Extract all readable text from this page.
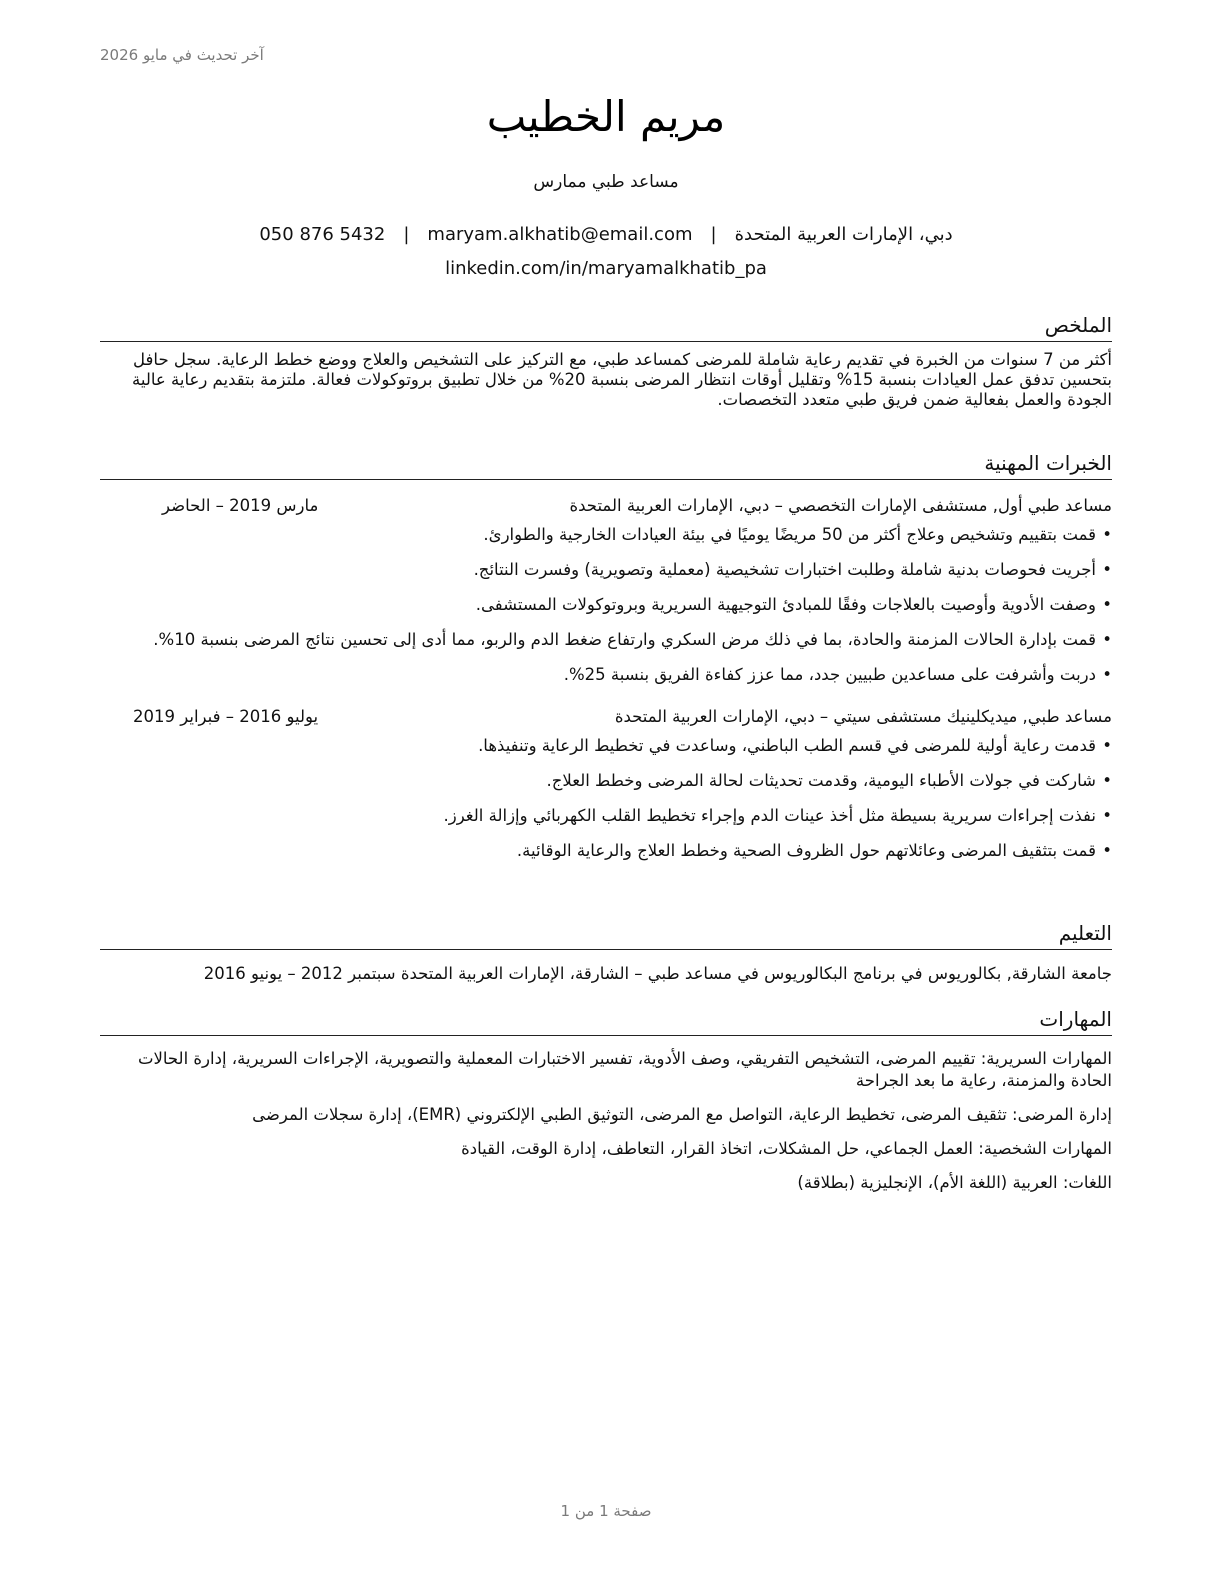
آخر تحديث في مايو 2026
مريم الخطيب
مساعد طبي ممارس
دبي، الإمارات العربية المتحدة|maryam.alkhatib@email.com|050 876 5432
linkedin.com/in/maryamalkhatib_pa
الملخص
أكثر من 7 سنوات من الخبرة في تقديم رعاية شاملة للمرضى كمساعد طبي، مع التركيز على التشخيص والعلاج ووضع خطط الرعاية. سجل حافل بتحسين تدفق عمل العيادات بنسبة 15% وتقليل أوقات انتظار المرضى بنسبة 20% من خلال تطبيق بروتوكولات فعالة. ملتزمة بتقديم رعاية عالية الجودة والعمل بفعالية ضمن فريق طبي متعدد التخصصات.
الخبرات المهنية
مساعد طبي أول, مستشفى الإمارات التخصصي – دبي، الإمارات العربية المتحدة
مارس 2019 – الحاضر
• قمت بتقييم وتشخيص وعلاج أكثر من 50 مريضًا يوميًا في بيئة العيادات الخارجية والطوارئ.
• أجريت فحوصات بدنية شاملة وطلبت اختبارات تشخيصية (معملية وتصويرية) وفسرت النتائج.
• وصفت الأدوية وأوصيت بالعلاجات وفقًا للمبادئ التوجيهية السريرية وبروتوكولات المستشفى.
• قمت بإدارة الحالات المزمنة والحادة، بما في ذلك مرض السكري وارتفاع ضغط الدم والربو، مما أدى إلى تحسين نتائج المرضى بنسبة 10%.
• دربت وأشرفت على مساعدين طبيين جدد، مما عزز كفاءة الفريق بنسبة 25%.
مساعد طبي, ميديكلينيك مستشفى سيتي – دبي، الإمارات العربية المتحدة
يوليو 2016 – فبراير 2019
• قدمت رعاية أولية للمرضى في قسم الطب الباطني، وساعدت في تخطيط الرعاية وتنفيذها.
• شاركت في جولات الأطباء اليومية، وقدمت تحديثات لحالة المرضى وخطط العلاج.
• نفذت إجراءات سريرية بسيطة مثل أخذ عينات الدم وإجراء تخطيط القلب الكهربائي وإزالة الغرز.
• قمت بتثقيف المرضى وعائلاتهم حول الظروف الصحية وخطط العلاج والرعاية الوقائية.
التعليم
جامعة الشارقة, بكالوريوس في برنامج البكالوريوس في مساعد طبي – الشارقة، الإمارات العربية المتحدة سبتمبر 2012 – يونيو 2016
المهارات
المهارات السريرية: تقييم المرضى، التشخيص التفريقي، وصف الأدوية، تفسير الاختبارات المعملية والتصويرية، الإجراءات السريرية، إدارة الحالات الحادة والمزمنة، رعاية ما بعد الجراحة
إدارة المرضى: تثقيف المرضى، تخطيط الرعاية، التواصل مع المرضى، التوثيق الطبي الإلكتروني (EMR)، إدارة سجلات المرضى
المهارات الشخصية: العمل الجماعي، حل المشكلات، اتخاذ القرار، التعاطف، إدارة الوقت، القيادة
اللغات: العربية (اللغة الأم)، الإنجليزية (بطلاقة)
صفحة 1 من 1
